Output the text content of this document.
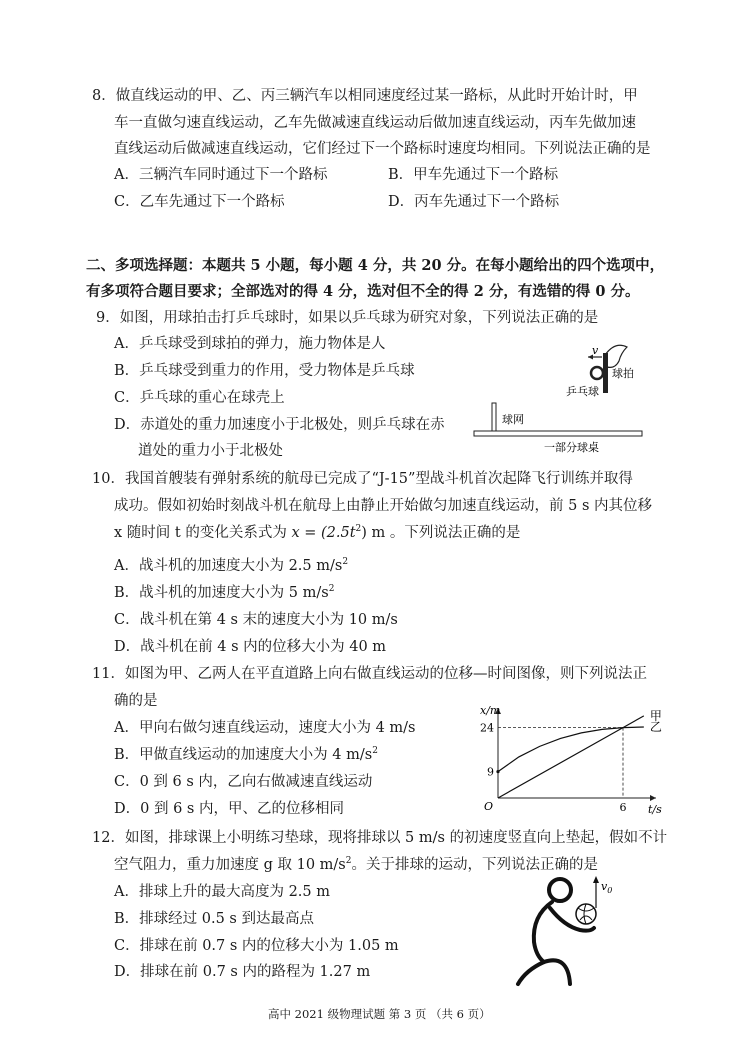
8．做直线运动的甲、乙、丙三辆汽车以相同速度经过某一路标，从此时开始计时，甲
车一直做匀速直线运动，乙车先做减速直线运动后做加速直线运动，丙车先做加速
直线运动后做减速直线运动，它们经过下一个路标时速度均相同。下列说法正确的是
A．三辆汽车同时通过下一个路标	B．甲车先通过下一个路标
C．乙车先通过下一个路标	D．丙车先通过下一个路标
二、多项选择题：本题共 5 小题，每小题 4 分，共 20 分。在每小题给出的四个选项中，
有多项符合题目要求；全部选对的得 4 分，选对但不全的得 2 分，有选错的得 0 分。
9．如图，用球拍击打乒乓球时，如果以乒乓球为研究对象，下列说法正确的是
A．乒乓球受到球拍的弹力，施力物体是人
B．乒乓球受到重力的作用，受力物体是乒乓球
C．乒乓球的重心在球壳上
D．赤道处的重力加速度小于北极处，则乒乓球在赤
道处的重力小于北极处
v
球拍
乒乓球
球网
一部分球桌
10．我国首艘装有弹射系统的航母已完成了“J-15”型战斗机首次起降飞行训练并取得
成功。假如初始时刻战斗机在航母上由静止开始做匀加速直线运动，前 5 s 内其位移
x 随时间 t 的变化关系式为 $x = (2.5t^2)$ m 。下列说法正确的是
A．战斗机的加速度大小为 2.5 $m/s^2$
B．战斗机的加速度大小为 5 $m/s^2$
C．战斗机在第 4 s 末的速度大小为 10 m/s
D．战斗机在前 4 s 内的位移大小为 40 m
11．如图为甲、乙两人在平直道路上向右做直线运动的位移—时间图像，则下列说法正
确的是
A．甲向右做匀速直线运动，速度大小为 4 m/s
B．甲做直线运动的加速度大小为 4 $m/s^2$
C．0 到 6 s 内，乙向右做减速直线运动
D．0 到 6 s 内，甲、乙的位移相同
x/m
t/s
O
甲
乙
9
24
6
12．如图，排球课上小明练习垫球，现将排球以 5 m/s 的初速度竖直向上垫起，假如不计
空气阻力，重力加速度 g 取 10 $m/s^2$。关于排球的运动，下列说法正确的是
A．排球上升的最大高度为 2.5 m
B．排球经过 0.5 s 到达最高点
C．排球在前 0.7 s 内的位移大小为 1.05 m
D．排球在前 0.7 s 内的路程为 1.27 m
$v_0$
高中 2021 级物理试题 第 3 页 （共 6 页）
